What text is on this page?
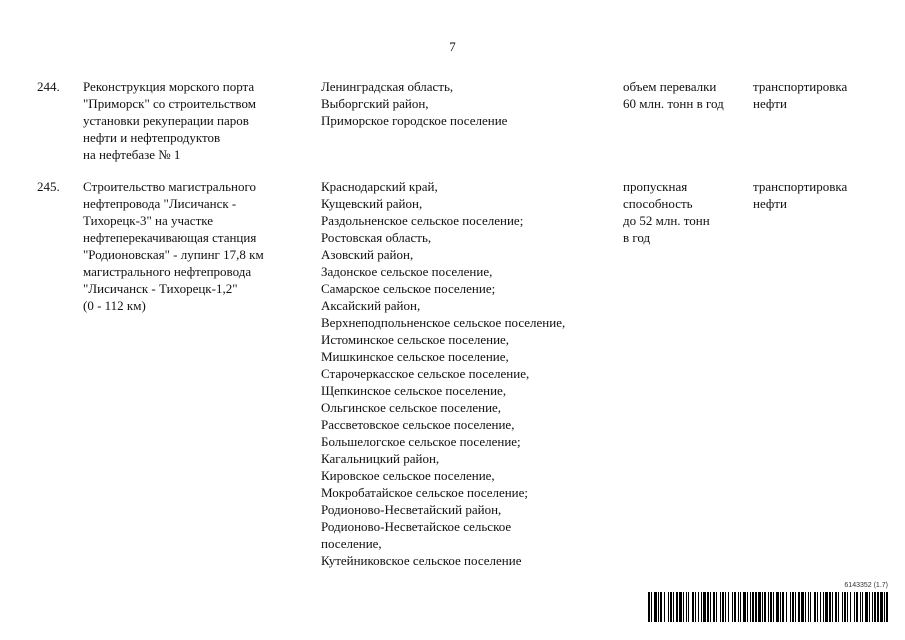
7
244.	Реконструкция морского порта
"Приморск" со строительством
установки рекуперации паров
нефти и нефтепродуктов
на нефтебазе № 1
Ленинградская область,
Выборгский район,
Приморское городское поселение
объем перевалки
60 млн. тонн в год
транспортировка
нефти
245.	Строительство магистрального
нефтепровода "Лисичанск -
Тихорецк-3" на участке
нефтеперекачивающая станция
"Родионовская" - лупинг 17,8 км
магистрального нефтепровода
"Лисичанск - Тихорецк-1,2"
(0 - 112 км)
Краснодарский край,
Кущевский район,
Раздольненское сельское поселение;
Ростовская область,
Азовский район,
Задонское сельское поселение,
Самарское сельское поселение;
Аксайский район,
Верхнеподпольненское сельское поселение,
Истоминское сельское поселение,
Мишкинское сельское поселение,
Старочеркасское сельское поселение,
Щепкинское сельское поселение,
Ольгинское сельское поселение,
Рассветовское сельское поселение,
Большелогское сельское поселение;
Кагальницкий район,
Кировское сельское поселение,
Мокробатайское сельское поселение;
Родионово-Несветайский район,
Родионово-Несветайское сельское
поселение,
Кутейниковское сельское поселение
пропускная
способность
до 52 млн. тонн
в год
транспортировка
нефти
6143352 (1.7)
